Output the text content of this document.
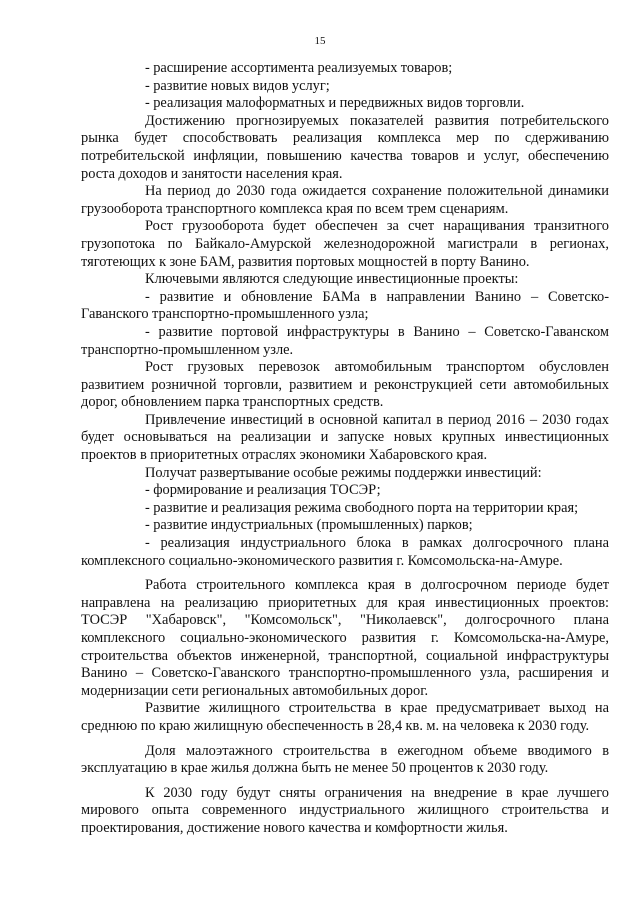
15

- расширение ассортимента реализуемых товаров;

- развитие новых видов услуг;

- реализация малоформатных и передвижных видов торговли.

Достижению прогнозируемых показателей развития потребительского рынка будет способствовать реализация комплекса мер по сдерживанию потребительской инфляции, повышению качества товаров и услуг, обеспечению роста доходов и занятости населения края.

На период до 2030 года ожидается сохранение положительной динамики грузооборота транспортного комплекса края по всем трем сценариям.

Рост грузооборота будет обеспечен за счет наращивания транзитного грузопотока по Байкало-Амурской железнодорожной магистрали в регионах, тяготеющих к зоне БАМ, развития портовых мощностей в порту Ванино.

Ключевыми являются следующие инвестиционные проекты:

- развитие и обновление БАМа в направлении Ванино – Советско-Гаванского транспортно-промышленного узла;

- развитие портовой инфраструктуры в Ванино – Советско-Гаванском транспортно-промышленном узле.

Рост грузовых перевозок автомобильным транспортом обусловлен развитием розничной торговли, развитием и реконструкцией сети автомобильных дорог, обновлением парка транспортных средств.

Привлечение инвестиций в основной капитал в период 2016 – 2030 годах будет основываться на реализации и запуске новых крупных инвестиционных проектов в приоритетных отраслях экономики Хабаровского края.

Получат развертывание особые режимы поддержки инвестиций:

- формирование и реализация ТОСЭР;

- развитие и реализация режима свободного порта на территории края;

- развитие индустриальных (промышленных) парков;

- реализация индустриального блока в рамках долгосрочного плана комплексного социально-экономического развития г. Комсомольска-на-Амуре.

Работа строительного комплекса края в долгосрочном периоде будет направлена на реализацию приоритетных для края инвестиционных проектов: ТОСЭР "Хабаровск", "Комсомольск", "Николаевск", долгосрочного плана комплексного социально-экономического развития г. Комсомольска-на-Амуре, строительства объектов инженерной, транспортной, социальной инфраструктуры Ванино – Советско-Гаванского транспортно-промышленного узла, расширения и модернизации сети региональных автомобильных дорог.

Развитие жилищного строительства в крае предусматривает выход на среднюю по краю жилищную обеспеченность в 28,4 кв. м. на человека к 2030 году.

Доля малоэтажного строительства в ежегодном объеме вводимого в эксплуатацию в крае жилья должна быть не менее 50 процентов к 2030 году.

К 2030 году будут сняты ограничения на внедрение в крае лучшего мирового опыта современного индустриального жилищного строительства и проектирования, достижение нового качества и комфортности жилья.
